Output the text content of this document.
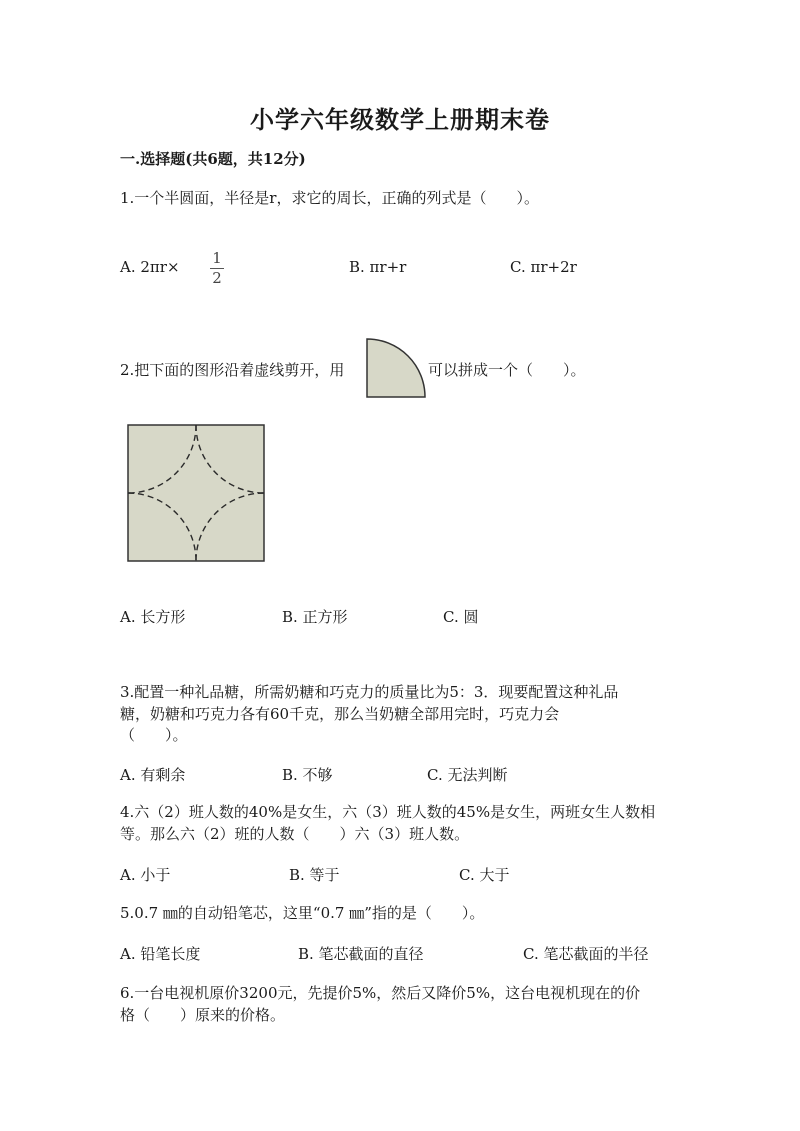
小学六年级数学上册期末卷
一.选择题(共6题，共12分)
1.一个半圆面，半径是r，求它的周长，正确的列式是（　　）。
A. 2πr× 1
2
B. πr+r	C. πr+2r
2.把下面的图形沿着虚线剪开，用	可以拼成一个（　　）。
A. 长方形	B. 正方形	C. 圆
3.配置一种礼品糖，所需奶糖和巧克力的质量比为5：3．现要配置这种礼品
糖，奶糖和巧克力各有60千克，那么当奶糖全部用完时，巧克力会
（　　）。
A. 有剩余	B. 不够	C. 无法判断
4.六（2）班人数的40%是女生，六（3）班人数的45%是女生，两班女生人数相
等。那么六（2）班的人数（　　）六（3）班人数。
A. 小于	B. 等于	C. 大于
5.0.7 ㎜的自动铅笔芯，这里“0.7 ㎜”指的是（　　）。
A. 铅笔长度	B. 笔芯截面的直径	C. 笔芯截面的半径
6.一台电视机原价3200元，先提价5%，然后又降价5%，这台电视机现在的价
格（　　）原来的价格。
